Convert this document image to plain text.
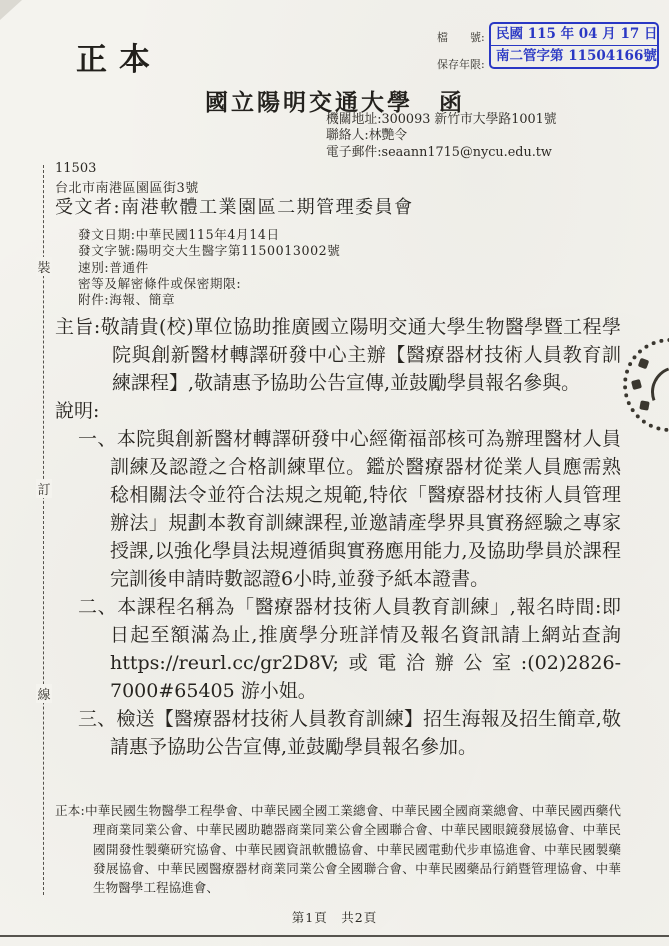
正本
檔　　號:
保存年限:
民國 115 年 04 月 17 日
南二管字第 11504166 號
國立陽明交通大學　函
機關地址:300093 新竹市大學路1001號
聯絡人:林艷令
電子郵件:seaann1715@nycu.edu.tw
11503
台北市南港區園區街3號
受文者:南港軟體工業園區二期管理委員會
發文日期:中華民國115年4月14日
發文字號:陽明交大生醫字第1150013002號
速別:普通件
密等及解密條件或保密期限:
附件:海報、簡章

主旨:敬請貴(校)單位協助推廣國立陽明交通大學生物醫學暨工程學院與創新醫材轉譯研發中心主辦【醫療器材技術人員教育訓練課程】,敬請惠予協助公告宣傳,並鼓勵學員報名參與。

說明:

一、本院與創新醫材轉譯研發中心經衛福部核可為辦理醫材人員訓練及認證之合格訓練單位。鑑於醫療器材從業人員應需熟稔相關法令並符合法規之規範,特依「醫療器材技術人員管理辦法」規劃本教育訓練課程,並邀請產學界具實務經驗之專家授課,以強化學員法規遵循與實務應用能力,及協助學員於課程完訓後申請時數認證6小時,並發予紙本證書。

二、本課程名稱為「醫療器材技術人員教育訓練」,報名時間:即日起至額滿為止,推廣學分班詳情及報名資訊請上網站查詢 https://reurl.cc/gr2D8V;或電洽辦公室:(02)2826-7000#65405 游小姐。

三、檢送【醫療器材技術人員教育訓練】招生海報及招生簡章,敬請惠予協助公告宣傳,並鼓勵學員報名參加。

正本:中華民國生物醫學工程學會、中華民國全國工業總會、中華民國全國商業總會、中華民國西藥代理商業同業公會、中華民國助聽器商業同業公會全國聯合會、中華民國眼鏡發展協會、中華民國開發性製藥研究協會、中華民國資訊軟體協會、中華民國電動代步車協進會、中華民國製藥發展協會、中華民國醫療器材商業同業公會全國聯合會、中華民國藥品行銷暨管理協會、中華生物醫學工程協進會、
第1頁　共2頁
裝
訂
線
